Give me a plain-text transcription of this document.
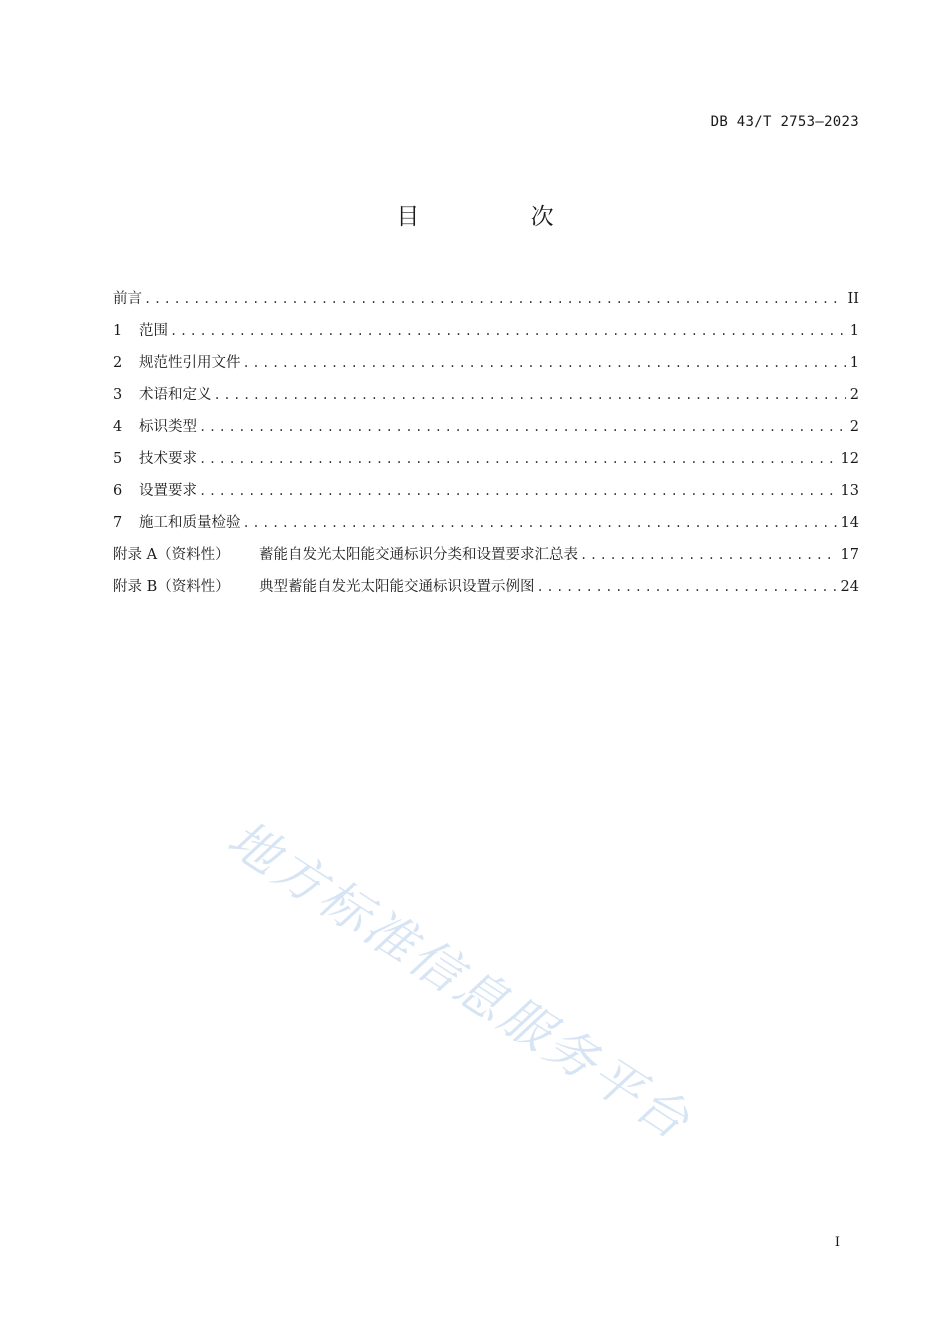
DB 43/T 2753—2023
目 次
前言 .....	II
1 范围 .....	1
2 规范性引用文件 .....	1
3 术语和定义 .....	2
4 标识类型 .....	2
5 技术要求 .....	12
6 设置要求 .....	13
7 施工和质量检验 .....	14
附录 A（资料性） 蓄能自发光太阳能交通标识分类和设置要求汇总表 .....	17
附录 B（资料性） 典型蓄能自发光太阳能交通标识设置示例图 .....	24
地方标准信息服务平台
I
